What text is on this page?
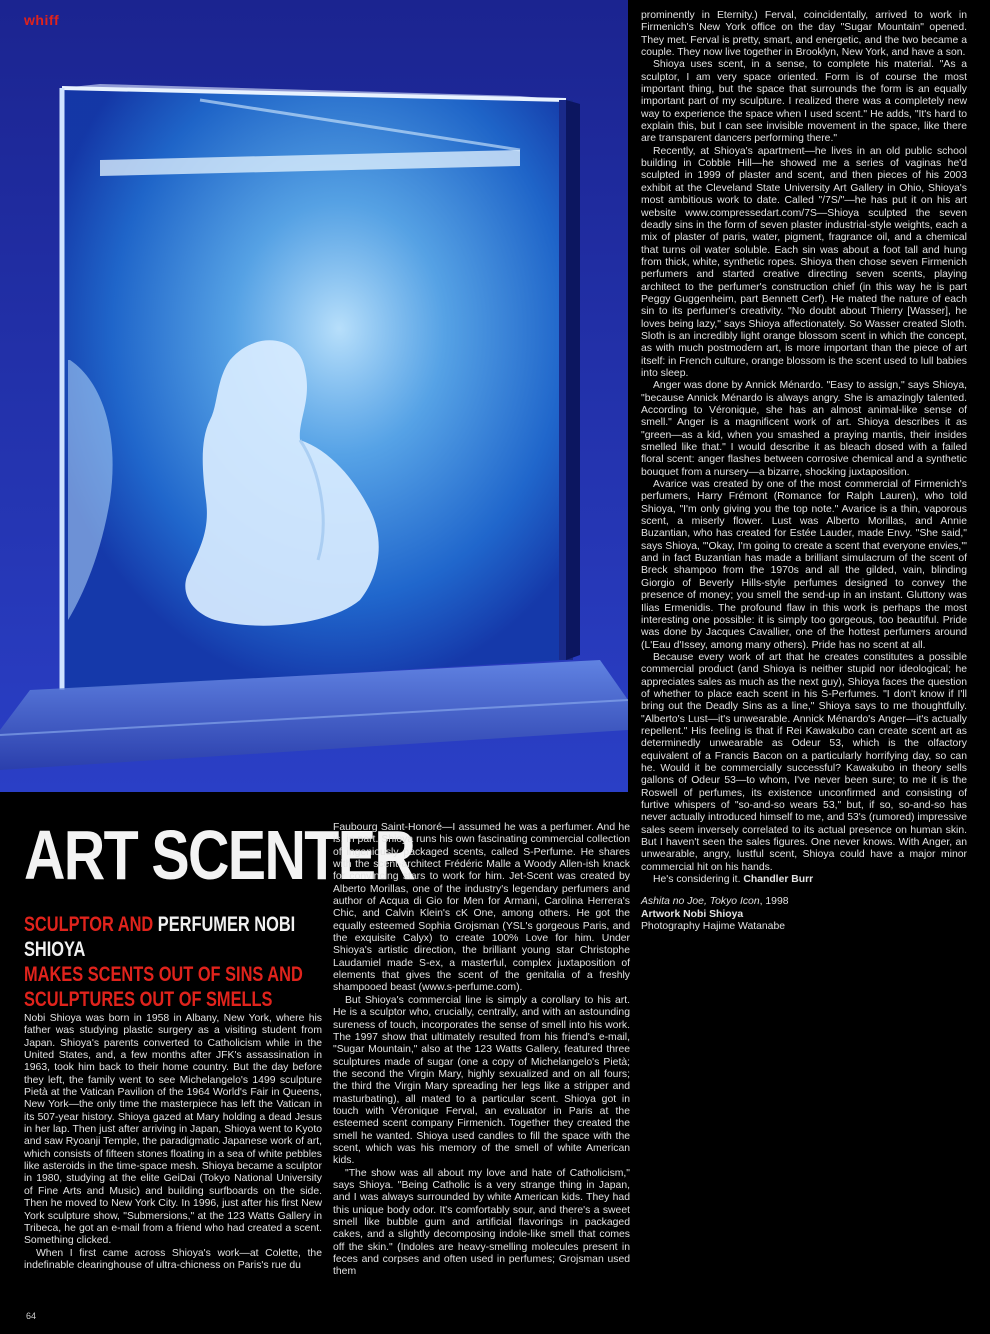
whiff
ART SCENTER
SCULPTOR AND PERFUMER NOBI SHIOYA
MAKES SCENTS OUT OF SINS AND SCULPTURES OUT OF SMELLS

Nobi Shioya was born in 1958 in Albany, New York, where his father was studying plastic surgery as a visiting student from Japan. Shioya's parents converted to Catholicism while in the United States, and, a few months after JFK's assassination in 1963, took him back to their home country. But the day before they left, the family went to see Michelangelo's 1499 sculpture Pietà at the Vatican Pavilion of the 1964 World's Fair in Queens, New York—the only time the masterpiece has left the Vatican in its 507-year history. Shioya gazed at Mary holding a dead Jesus in her lap. Then just after arriving in Japan, Shioya went to Kyoto and saw Ryoanji Temple, the paradigmatic Japanese work of art, which consists of fifteen stones floating in a sea of white pebbles like asteroids in the time-space mesh. Shioya became a sculptor in 1980, studying at the elite GeiDai (Tokyo National University of Fine Arts and Music) and building surfboards on the side. Then he moved to New York City. In 1996, just after his first New York sculpture show, "Submersions," at the 123 Watts Gallery in Tribeca, he got an e-mail from a friend who had created a scent. Something clicked.

When I first came across Shioya's work—at Colette, the indefinable clearinghouse of ultra-chicness on Paris's rue du

Faubourg Saint-Honoré—I assumed he was a perfumer. And he is, in part. Shioya runs his own fascinating commercial collection of ingeniously packaged scents, called S-Perfume. He shares with the scent-architect Frédéric Malle a Woody Allen-ish knack for convincing stars to work for him. Jet-Scent was created by Alberto Morillas, one of the industry's legendary perfumers and author of Acqua di Gio for Men for Armani, Carolina Herrera's Chic, and Calvin Klein's cK One, among others. He got the equally esteemed Sophia Grojsman (YSL's gorgeous Paris, and the exquisite Calyx) to create 100% Love for him. Under Shioya's artistic direction, the brilliant young star Christophe Laudamiel made S-ex, a masterful, complex juxtaposition of elements that gives the scent of the genitalia of a freshly shampooed beast (www.s-perfume.com).

But Shioya's commercial line is simply a corollary to his art. He is a sculptor who, crucially, centrally, and with an astounding sureness of touch, incorporates the sense of smell into his work. The 1997 show that ultimately resulted from his friend's e-mail, "Sugar Mountain," also at the 123 Watts Gallery, featured three sculptures made of sugar (one a copy of Michelangelo's Pietà; the second the Virgin Mary, highly sexualized and on all fours; the third the Virgin Mary spreading her legs like a stripper and masturbating), all mated to a particular scent. Shioya got in touch with Véronique Ferval, an evaluator in Paris at the esteemed scent company Firmenich. Together they created the smell he wanted. Shioya used candles to fill the space with the scent, which was his memory of the smell of white American kids.

"The show was all about my love and hate of Catholicism," says Shioya. "Being Catholic is a very strange thing in Japan, and I was always surrounded by white American kids. They had this unique body odor. It's comfortably sour, and there's a sweet smell like bubble gum and artificial flavorings in packaged cakes, and a slightly decomposing indole-like smell that comes off the skin." (Indoles are heavy-smelling molecules present in feces and corpses and often used in perfumes; Grojsman used them

prominently in Eternity.) Ferval, coincidentally, arrived to work in Firmenich's New York office on the day "Sugar Mountain" opened. They met. Ferval is pretty, smart, and energetic, and the two became a couple. They now live together in Brooklyn, New York, and have a son.

Shioya uses scent, in a sense, to complete his material. "As a sculptor, I am very space oriented. Form is of course the most important thing, but the space that surrounds the form is an equally important part of my sculpture. I realized there was a completely new way to experience the space when I used scent." He adds, "It's hard to explain this, but I can see invisible movement in the space, like there are transparent dancers performing there."

Recently, at Shioya's apartment—he lives in an old public school building in Cobble Hill—he showed me a series of vaginas he'd sculpted in 1999 of plaster and scent, and then pieces of his 2003 exhibit at the Cleveland State University Art Gallery in Ohio, Shioya's most ambitious work to date. Called "/7S/"—he has put it on his art website www.compressedart.com/7S—Shioya sculpted the seven deadly sins in the form of seven plaster industrial-style weights, each a mix of plaster of paris, water, pigment, fragrance oil, and a chemical that turns oil water soluble. Each sin was about a foot tall and hung from thick, white, synthetic ropes. Shioya then chose seven Firmenich perfumers and started creative directing seven scents, playing architect to the perfumer's construction chief (in this way he is part Peggy Guggenheim, part Bennett Cerf). He mated the nature of each sin to its perfumer's creativity. "No doubt about Thierry [Wasser], he loves being lazy," says Shioya affectionately. So Wasser created Sloth. Sloth is an incredibly light orange blossom scent in which the concept, as with much postmodern art, is more important than the piece of art itself: in French culture, orange blossom is the scent used to lull babies into sleep.

Anger was done by Annick Ménardo. "Easy to assign," says Shioya, "because Annick Ménardo is always angry. She is amazingly talented. According to Véronique, she has an almost animal-like sense of smell." Anger is a magnificent work of art. Shioya describes it as "green—as a kid, when you smashed a praying mantis, their insides smelled like that." I would describe it as bleach dosed with a failed floral scent: anger flashes between corrosive chemical and a synthetic bouquet from a nursery—a bizarre, shocking juxtaposition.

Avarice was created by one of the most commercial of Firmenich's perfumers, Harry Frémont (Romance for Ralph Lauren), who told Shioya, "I'm only giving you the top note." Avarice is a thin, vaporous scent, a miserly flower. Lust was Alberto Morillas, and Annie Buzantian, who has created for Estée Lauder, made Envy. "She said," says Shioya, "'Okay, I'm going to create a scent that everyone envies,'" and in fact Buzantian has made a brilliant simulacrum of the scent of Breck shampoo from the 1970s and all the gilded, vain, blinding Giorgio of Beverly Hills-style perfumes designed to convey the presence of money; you smell the send-up in an instant. Gluttony was Ilias Ermenidis. The profound flaw in this work is perhaps the most interesting one possible: it is simply too gorgeous, too beautiful. Pride was done by Jacques Cavallier, one of the hottest perfumers around (L'Eau d'Issey, among many others). Pride has no scent at all.

Because every work of art that he creates constitutes a possible commercial product (and Shioya is neither stupid nor ideological; he appreciates sales as much as the next guy), Shioya faces the question of whether to place each scent in his S-Perfumes. "I don't know if I'll bring out the Deadly Sins as a line," Shioya says to me thoughtfully. "Alberto's Lust—it's unwearable. Annick Ménardo's Anger—it's actually repellent." His feeling is that if Rei Kawakubo can create scent art as determinedly unwearable as Odeur 53, which is the olfactory equivalent of a Francis Bacon on a particularly horrifying day, so can he. Would it be commercially successful? Kawakubo in theory sells gallons of Odeur 53—to whom, I've never been sure; to me it is the Roswell of perfumes, its existence unconfirmed and consisting of furtive whispers of "so-and-so wears 53," but, if so, so-and-so has never actually introduced himself to me, and 53's (rumored) impressive sales seem inversely correlated to its actual presence on human skin. But I haven't seen the sales figures. One never knows. With Anger, an unwearable, angry, lustful scent, Shioya could have a major minor commercial hit on his hands.

He's considering it. Chandler Burr

Ashita no Joe, Tokyo Icon, 1998
Artwork Nobi Shioya
Photography Hajime Watanabe
64
